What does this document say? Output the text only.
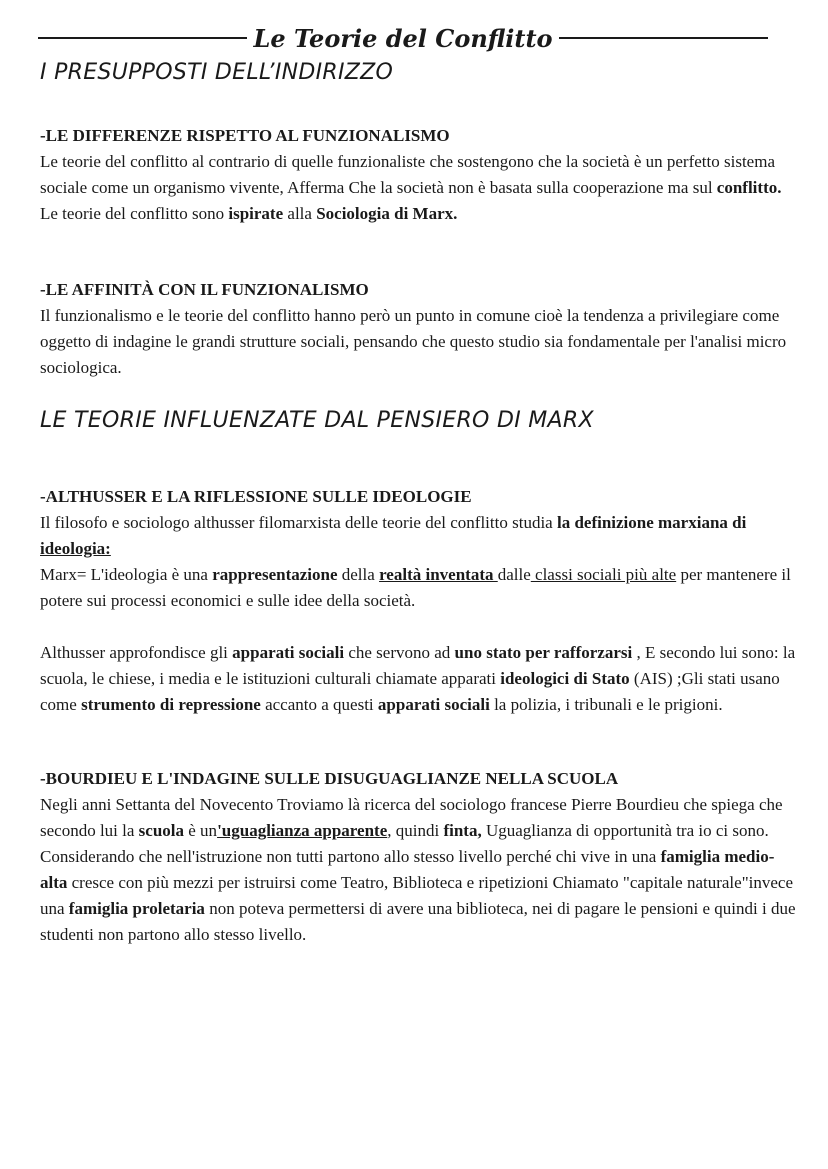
Le Teorie del Conflitto
I PRESUPPOSTI DELL’INDIRIZZO

-LE DIFFERENZE RISPETTO AL FUNZIONALISMO

Le teorie del conflitto al contrario di quelle funzionaliste che sostengono che la società è un perfetto sistema sociale come un organismo vivente, Afferma Che la società non è basata sulla cooperazione ma sul conflitto.

Le teorie del conflitto sono ispirate alla Sociologia di Marx.

-LE AFFINITÀ CON IL FUNZIONALISMO

Il funzionalismo e le teorie del conflitto hanno però un punto in comune cioè la tendenza a privilegiare come oggetto di indagine le grandi strutture sociali, pensando che questo studio sia fondamentale per l'analisi micro sociologica.

LE TEORIE INFLUENZATE DAL PENSIERO DI MARX

-ALTHUSSER E LA RIFLESSIONE SULLE IDEOLOGIE

Il filosofo e sociologo althusser filomarxista delle teorie del conflitto studia la definizione marxiana di ideologia:

Marx= L'ideologia è una rappresentazione della realtà inventata dalle classi sociali più alte per mantenere il potere sui processi economici e sulle idee della società.

Althusser approfondisce gli apparati sociali che servono ad uno stato per rafforzarsi , E secondo lui sono: la scuola, le chiese, i media e le istituzioni culturali chiamate apparati ideologici di Stato (AIS) ;Gli stati usano come strumento di repressione accanto a questi apparati sociali la polizia, i tribunali e le prigioni.

-BOURDIEU E L'INDAGINE SULLE DISUGUAGLIANZE NELLA SCUOLA

Negli anni Settanta del Novecento Troviamo là ricerca del sociologo francese Pierre Bourdieu che spiega che secondo lui la scuola è un'uguaglianza apparente, quindi finta, Uguaglianza di opportunità tra io ci sono.

Considerando che nell'istruzione non tutti partono allo stesso livello perché chi vive in una famiglia medio-alta cresce con più mezzi per istruirsi come Teatro, Biblioteca e ripetizioni Chiamato "capitale naturale"invece una famiglia proletaria non poteva permettersi di avere una biblioteca, nei di pagare le pensioni e quindi i due studenti non partono allo stesso livello.
